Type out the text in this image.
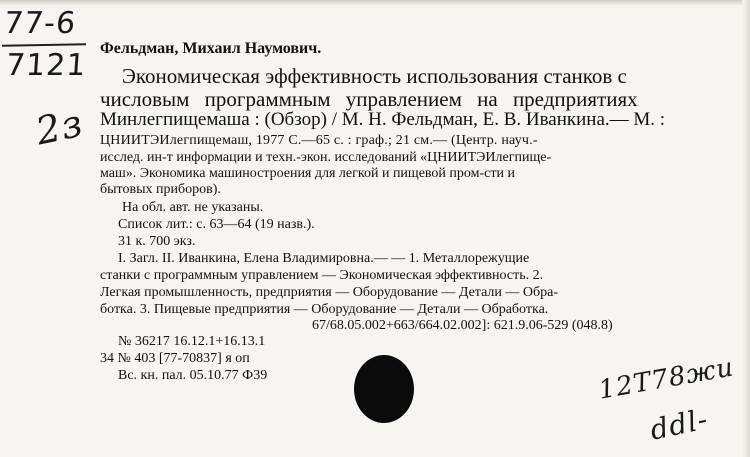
77-6
7121
2з
Фельдман, Михаил Наумович.
Экономическая эффективность использования станков с
числовым программным управлением на предприятиях
Минлегпищемаша : (Обзор) / М. Н. Фельдман, Е. В. Иванкина.— М. :
ЦНИИТЭИлегпищемаш, 1977 С.—65 с. : граф.; 21 см.— (Центр. науч.-
исслед. ин-т информации и техн.-экон. исследований «ЦНИИТЭИлегпище-
маш». Экономика машиностроения для легкой и пищевой пром-сти и
бытовых приборов).
На обл. авт. не указаны.
Список лит.: с. 63—64 (19 назв.).
31 к. 700 экз.
I. Загл. II. Иванкина, Елена Владимировна.— — 1. Металлорежущие
станки с программным управлением — Экономическая эффективность. 2.
Легкая промышленность, предприятия — Оборудование — Детали — Обра-
ботка. 3. Пищевые предприятия — Оборудование — Детали — Обработка.
67/68.05.002+663/664.02.002]: 621.9.06-529 (048.8)
№ 36217 16.12.1+16.13.1
34 № 403 [77-70837] я оп
Вс. кн. пал. 05.10.77 Ф39	12Т78жи
ddl-
